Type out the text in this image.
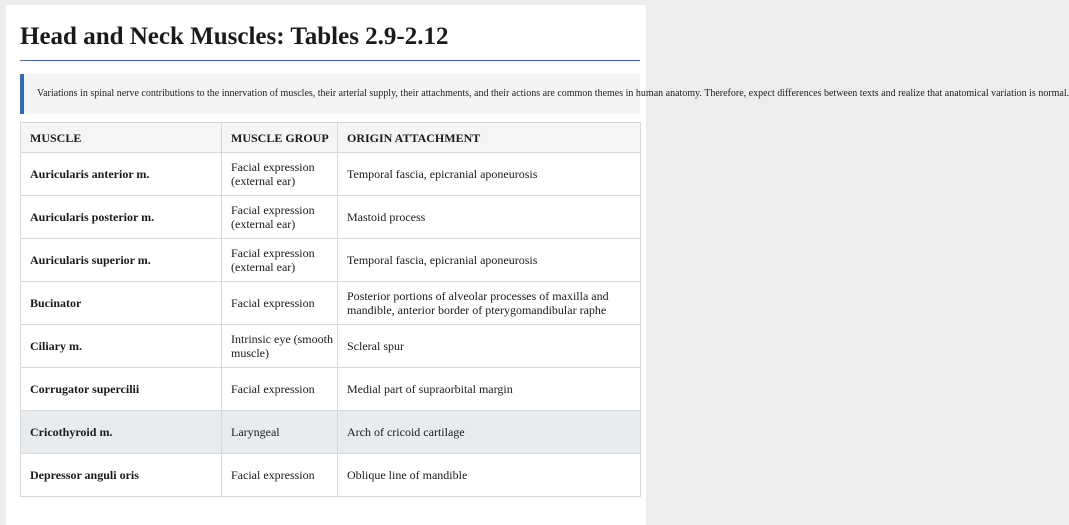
Head and Neck Muscles: Tables 2.9-2.12
Variations in spinal nerve contributions to the innervation of muscles, their arterial supply, their attachments, and their actions are common themes in human anatomy. Therefore, expect differences between texts and realize that anatomical variation is normal.
MUSCLE	MUSCLE GROUP	ORIGIN ATTACHMENT
Auricularis anterior m.	Facial expression (external ear)	Temporal fascia, epicranial aponeurosis
Auricularis posterior m.	Facial expression (external ear)	Mastoid process
Auricularis superior m.	Facial expression (external ear)	Temporal fascia, epicranial aponeurosis
Bucinator	Facial expression	Posterior portions of alveolar processes of maxilla and mandible, anterior border of pterygomandibular raphe
Ciliary m.	Intrinsic eye (smooth muscle)	Scleral spur
Corrugator supercilii	Facial expression	Medial part of supraorbital margin
Cricothyroid m.	Laryngeal	Arch of cricoid cartilage
Depressor anguli oris	Facial expression	Oblique line of mandible
